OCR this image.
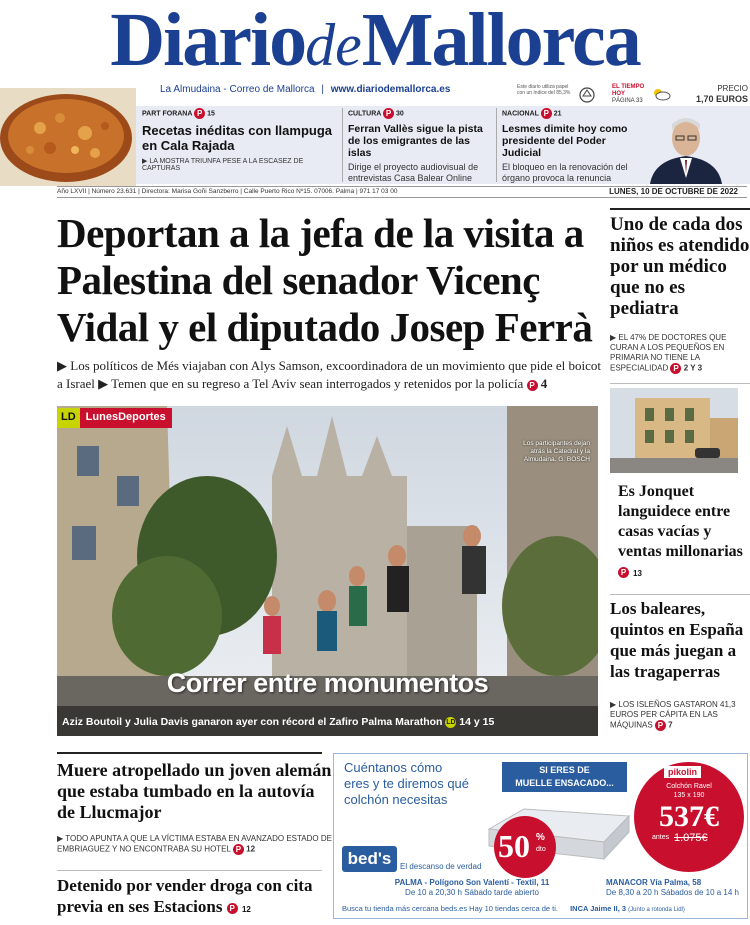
DiariodeMallorca
La Almudaina - Correo de Mallorca | www.diariodemallorca.es	Este diario utiliza papel con un índice del 85,3%
EL TIEMPO HOY
PÁGINA 33
PRECIO
1,70 EUROS
PART FORANA P 15
Recetas inéditas con llampuga en Cala Rajada
▶ LA MOSTRA TRIUNFA PESE A LA ESCASEZ DE CAPTURAS
CULTURA P 30
Ferran Vallès sigue la pista de los emigrantes de las islas
Dirige el proyecto audiovisual de entrevistas Casa Balear Online
NACIONAL P 21
Lesmes dimite hoy como presidente del Poder Judicial
El bloqueo en la renovación del órgano provoca la renuncia
Año LXVII | Número 23.631 | Directora: Marisa Goñi Sanzberro | Calle Puerto Rico Nº15. 07006. Palma | 971 17 03 00	LUNES, 10 DE OCTUBRE DE 2022
Deportan a la jefa de la visita a Palestina del senador Vicenç Vidal y el diputado Josep Ferrà
▶ Los políticos de Més viajaban con Alys Samson, excoordinadora de un movimiento que pide el boicot a Israel ▶ Temen que en su regreso a Tel Aviv sean interrogados y retenidos por la policía P 4
LD LunesDeportes
Los participantes dejan atrás la Catedral y la Almudaina. G. BOSCH
Correr entre monumentos
Aziz Boutoil y Julia Davis ganaron ayer con récord el Zafiro Palma Marathon LD 14 y 15
Uno de cada dos niños es atendido por un médico que no es pediatra
▶ EL 47% DE DOCTORES QUE CURAN A LOS PEQUEÑOS EN PRIMARIA NO TIENE LA ESPECIALIDAD P 2 Y 3
Es Jonquet languidece entre casas vacías y ventas millonarias P 13
Los baleares, quintos en España que más juegan a las tragaperras
▶ LOS ISLEÑOS GASTARON 41,3 EUROS PER CÁPITA EN LAS MÁQUINAS P 7
Muere atropellado un joven alemán que estaba tumbado en la autovía de Llucmajor
▶ TODO APUNTA A QUE LA VÍCTIMA ESTABA EN AVANZADO ESTADO DE EMBRIAGUEZ Y NO ENCONTRABA SU HOTEL P 12
Detenido por vender droga con cita previa en ses Estacions P 12
Cuéntanos cómo
eres y te diremos qué
colchón necesitas
SI ERES DE
MUELLE ENSACADO...
50 %
dto
bed's	El descanso de verdad
pikolin
Colchón Ravel
135 x 190
537€
antes 1.075€
PALMA - Polígono Son Valentí - Textil, 11
De 10 a 20,30 h Sábado tarde abierto
MANACOR Vía Palma, 58
De 8,30 a 20 h Sábados de 10 a 14 h
Busca tu tienda más cercana beds.es Hay 10 tiendas cerca de ti. INCA Jaime II, 3 (Junto a rotonda Lidl)
